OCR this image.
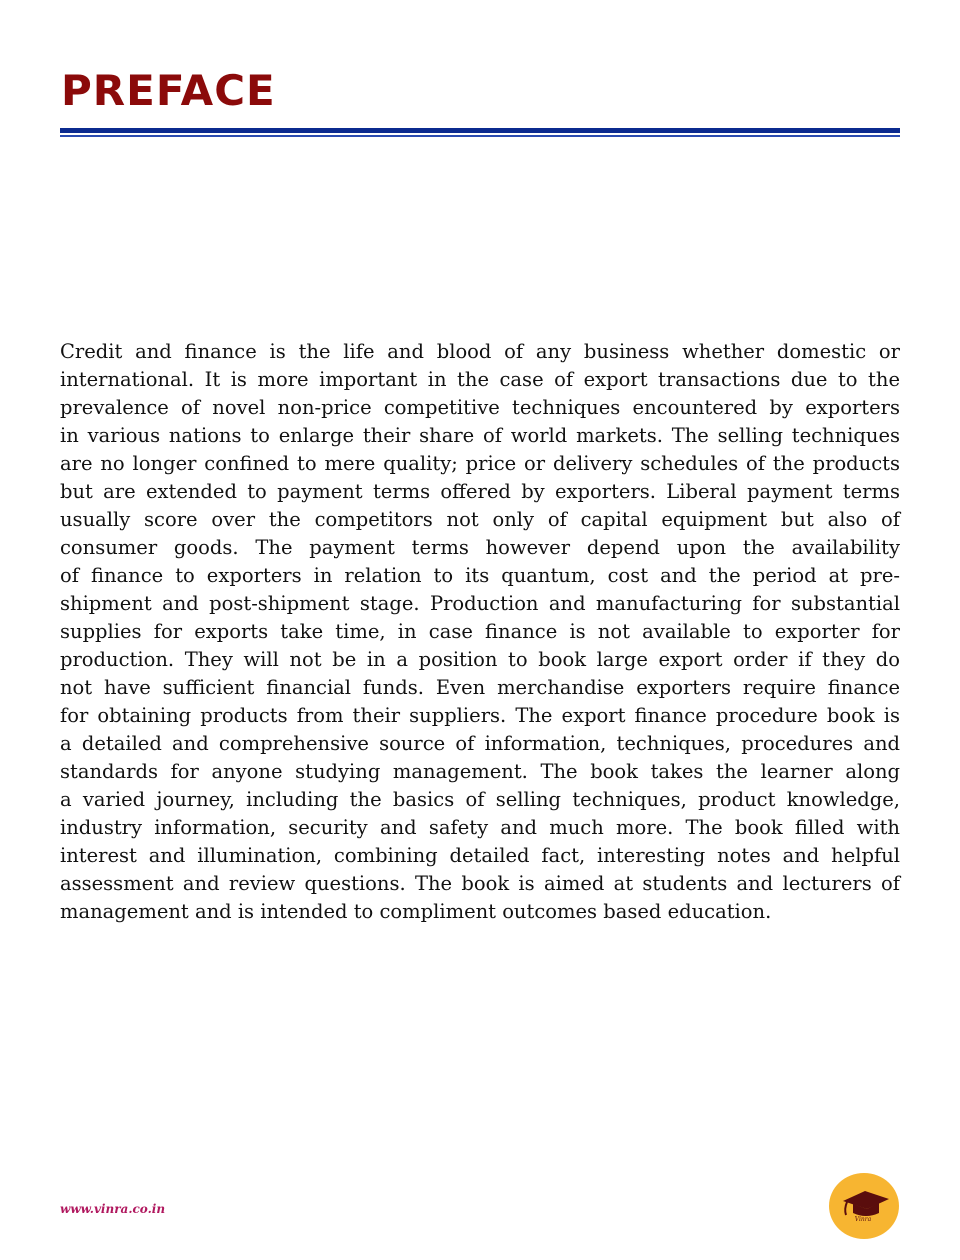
PREFACE
Credit and finance is the life and blood of any business whether domestic or
international. It is more important in the case of export transactions due to the
prevalence of novel non-price competitive techniques encountered by exporters
in various nations to enlarge their share of world markets. The selling techniques
are no longer confined to mere quality; price or delivery schedules of the products
but are extended to payment terms offered by exporters. Liberal payment terms
usually score over the competitors not only of capital equipment but also of
consumer goods. The payment terms however depend upon the availability
of finance to exporters in relation to its quantum, cost and the period at pre-
shipment and post-shipment stage. Production and manufacturing for substantial
supplies for exports take time, in case finance is not available to exporter for
production. They will not be in a position to book large export order if they do
not have sufficient financial funds. Even merchandise exporters require finance
for obtaining products from their suppliers. The export finance procedure book is
a detailed and comprehensive source of information, techniques, procedures and
standards for anyone studying management. The book takes the learner along
a varied journey, including the basics of selling techniques, product knowledge,
industry information, security and safety and much more. The book filled with
interest and illumination, combining detailed fact, interesting notes and helpful
assessment and review questions. The book is aimed at students and lecturers of
management and is intended to compliment outcomes based education.
www.vinra.co.in
Vinra
